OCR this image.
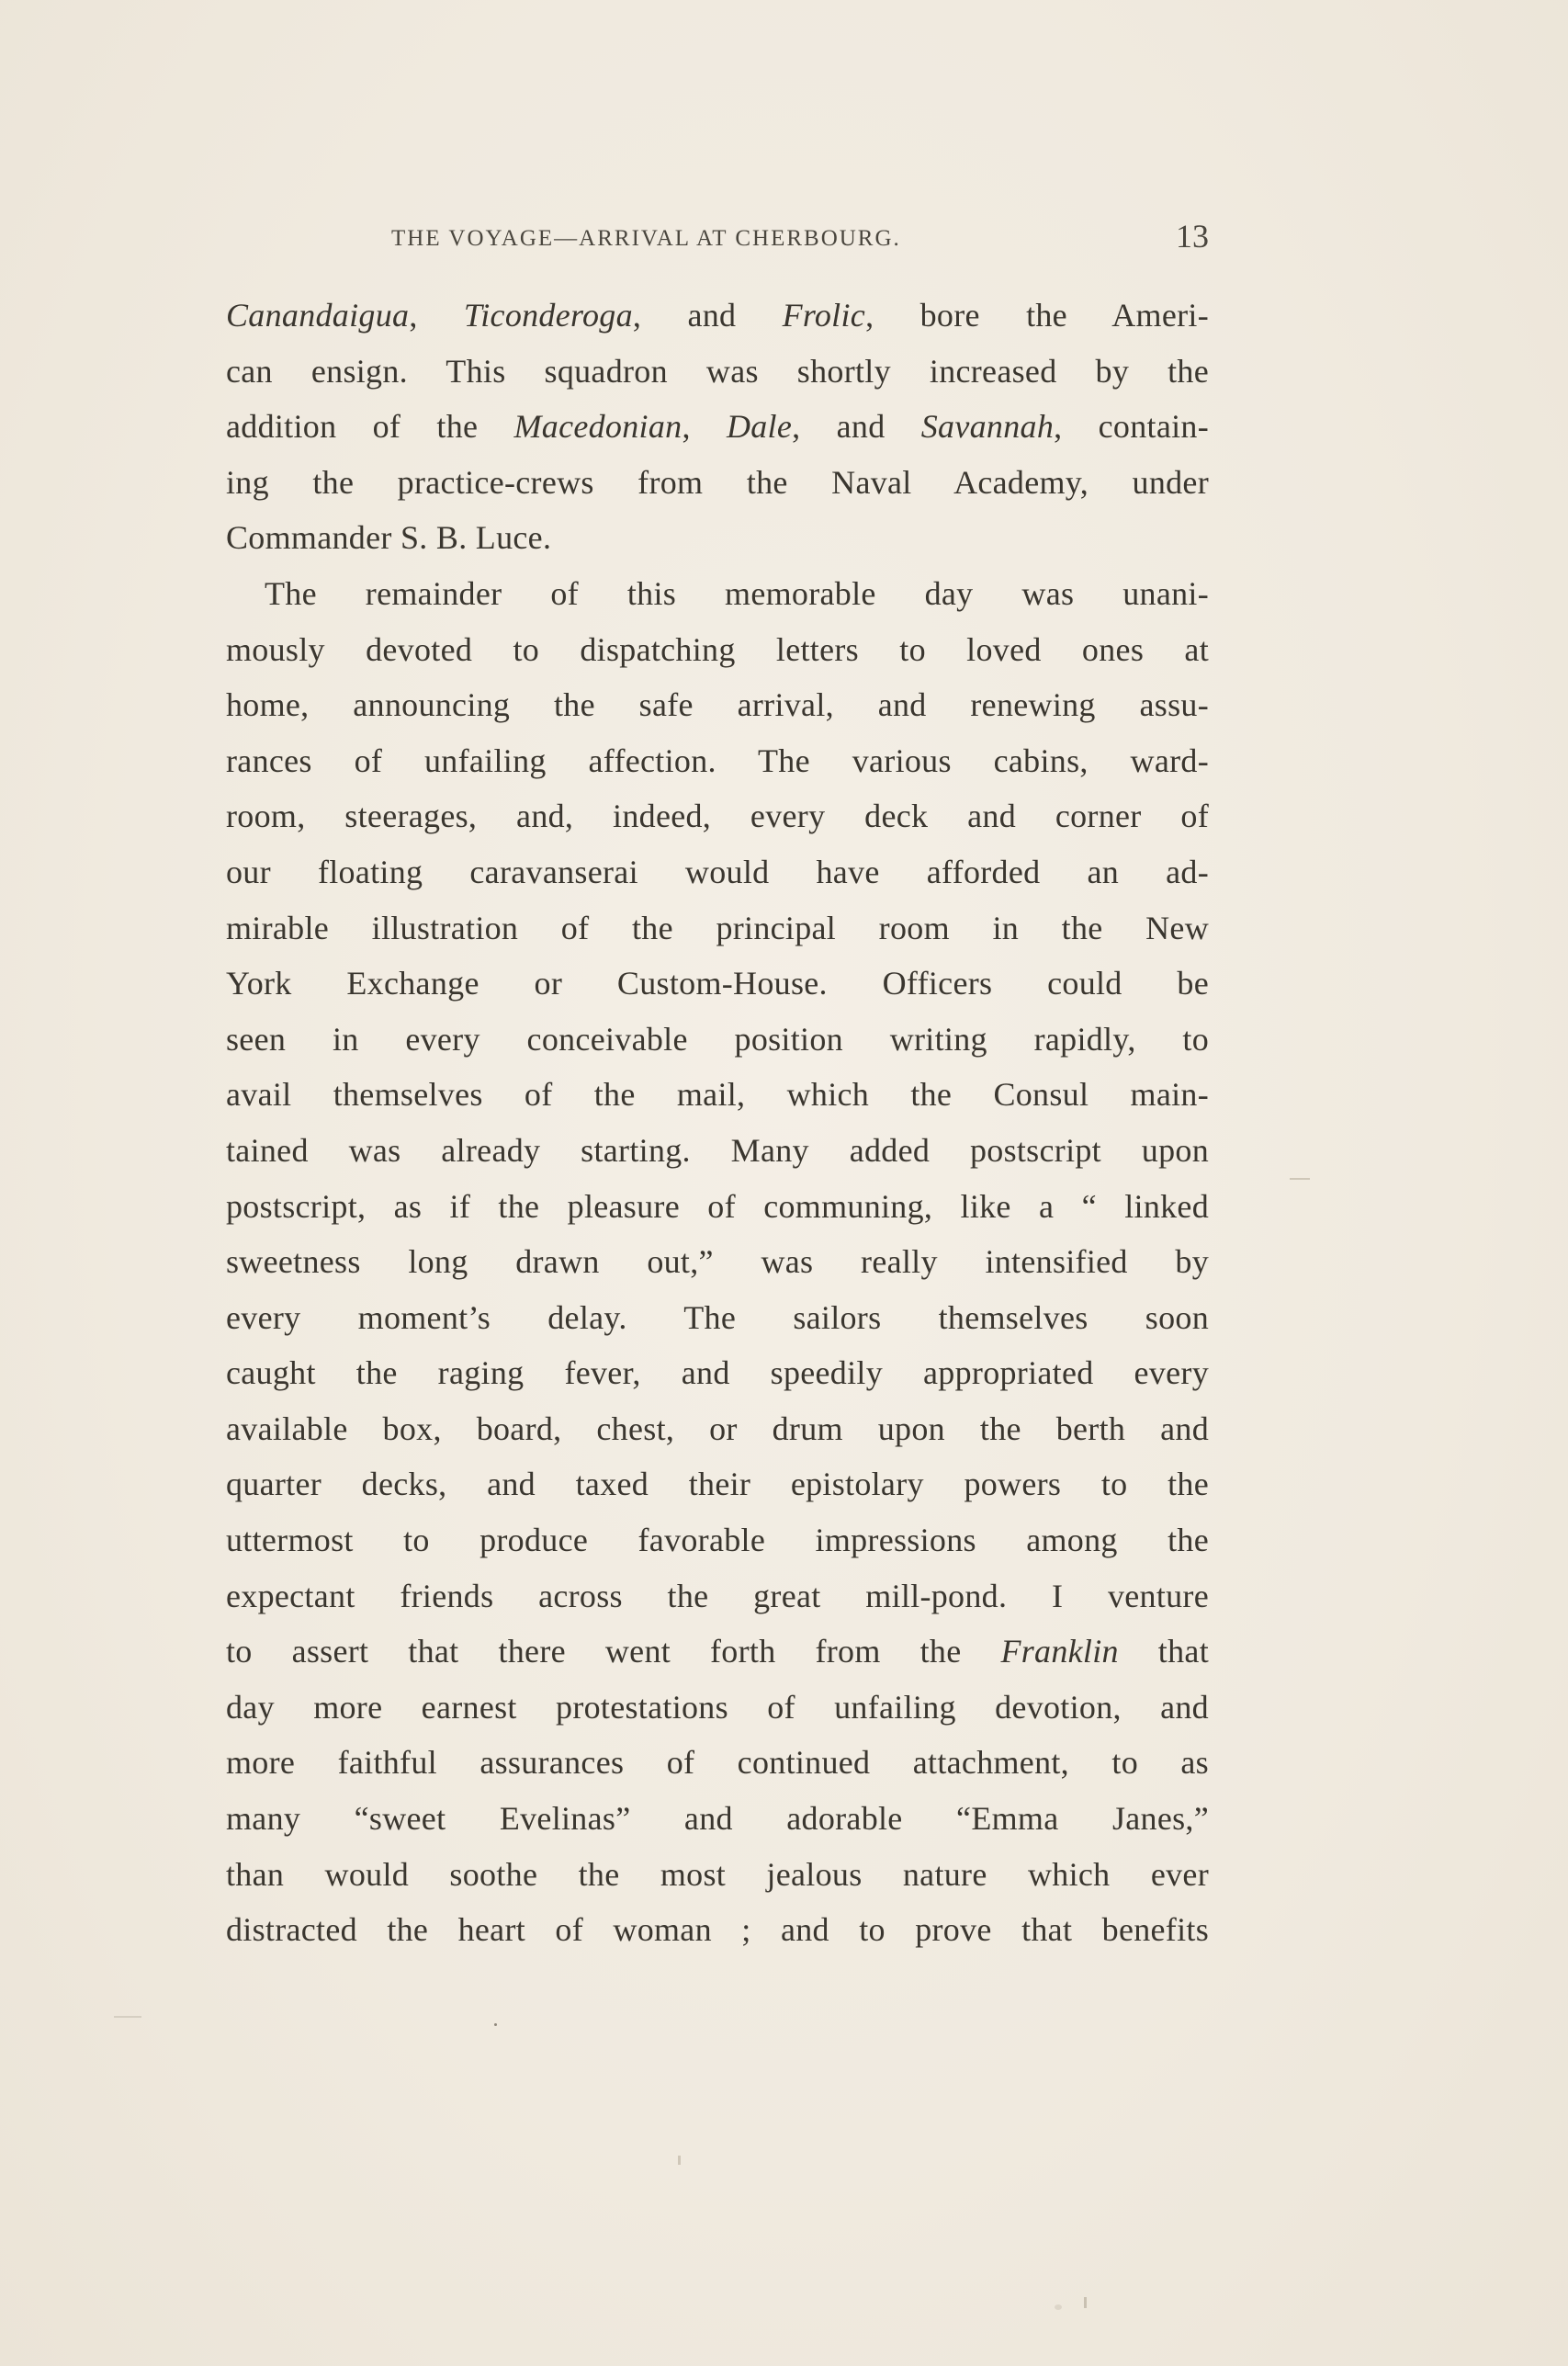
THE VOYAGE—ARRIVAL AT CHERBOURG.	13
Canandaigua, Ticonderoga, and Frolic, bore the Ameri-
can ensign. This squadron was shortly increased by the
addition of the Macedonian, Dale, and Savannah, contain-
ing the practice-crews from the Naval Academy, under
Commander S. B. Luce.
The remainder of this memorable day was unani-
mously devoted to dispatching letters to loved ones at
home, announcing the safe arrival, and renewing assu-
rances of unfailing affection. The various cabins, ward-
room, steerages, and, indeed, every deck and corner of
our floating caravanserai would have afforded an ad-
mirable illustration of the principal room in the New
York Exchange or Custom-House. Officers could be
seen in every conceivable position writing rapidly, to
avail themselves of the mail, which the Consul main-
tained was already starting. Many added postscript upon
postscript, as if the pleasure of communing, like a “ linked
sweetness long drawn out,” was really intensified by
every moment’s delay. The sailors themselves soon
caught the raging fever, and speedily appropriated every
available box, board, chest, or drum upon the berth and
quarter decks, and taxed their epistolary powers to the
uttermost to produce favorable impressions among the
expectant friends across the great mill-pond. I venture
to assert that there went forth from the Franklin that
day more earnest protestations of unfailing devotion, and
more faithful assurances of continued attachment, to as
many “sweet Evelinas” and adorable “Emma Janes,”
than would soothe the most jealous nature which ever
distracted the heart of woman ; and to prove that benefits
